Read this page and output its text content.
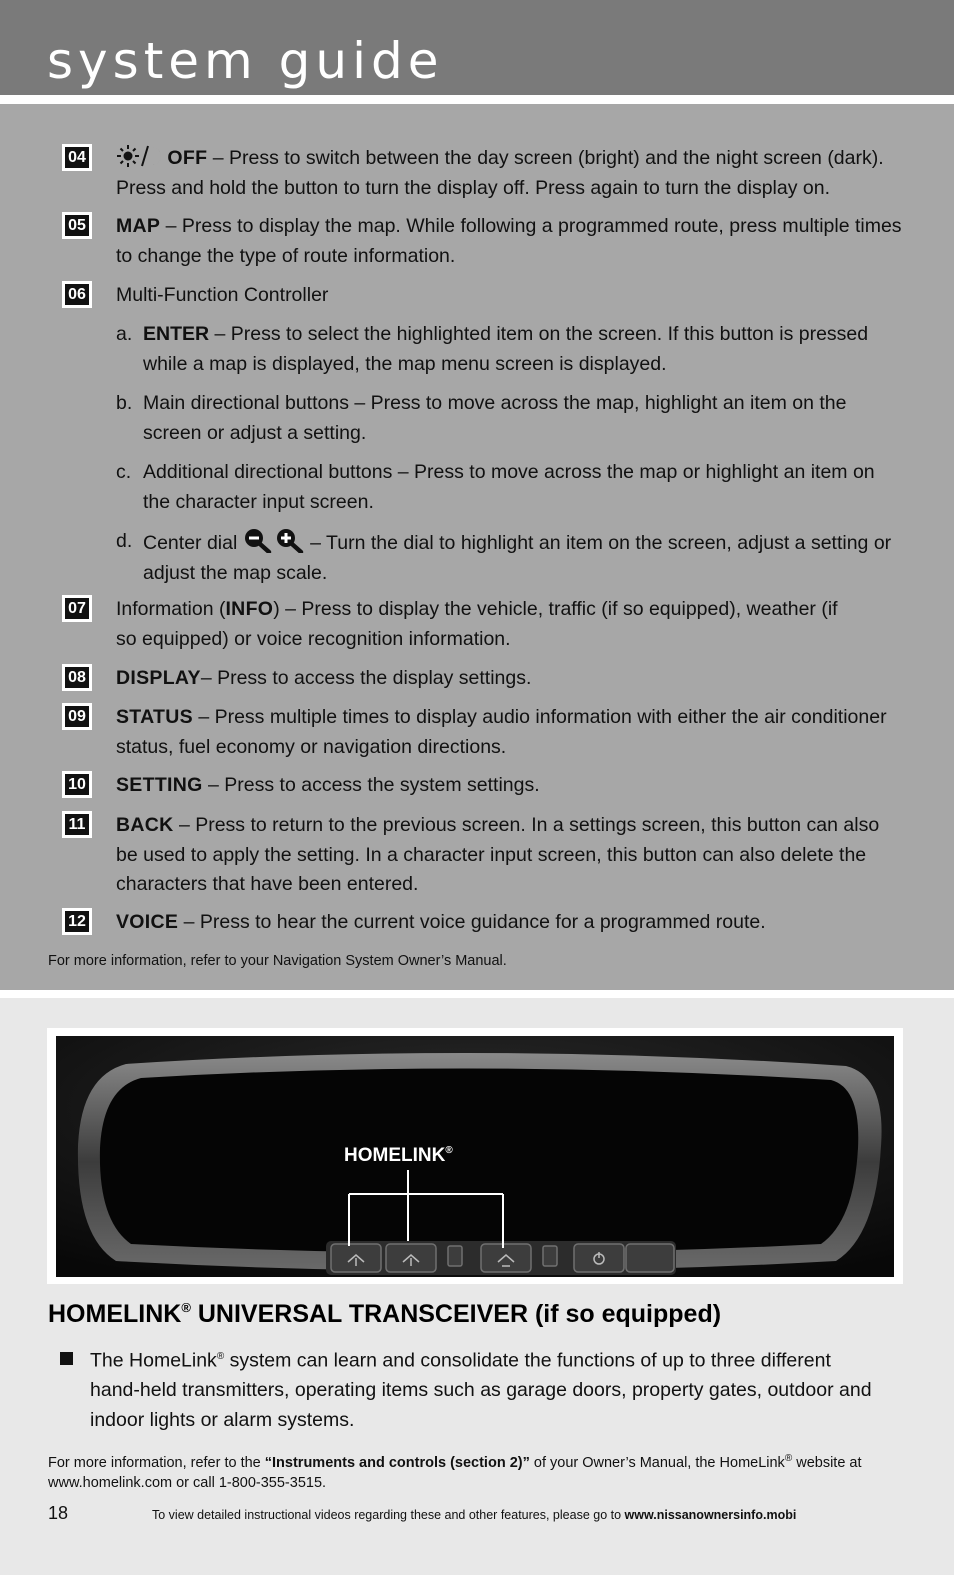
system guide
04	OFF – Press to switch between the day screen (bright) and the night screen (dark). Press and hold the button to turn the display off. Press again to turn the display on.
05 MAP – Press to display the map. While following a programmed route, press multiple times to change the type of route information.
06 Multi-Function Controller
a. ENTER – Press to select the highlighted item on the screen. If this button is pressed while a map is displayed, the map menu screen is displayed.
b. Main directional buttons – Press to move across the map, highlight an item on the screen or adjust a setting.
c. Additional directional buttons – Press to move across the map or highlight an item on the character input screen.
d. Center dial	– Turn the dial to highlight an item on the screen, adjust a setting or adjust the map scale.
07 Information (INFO) – Press to display the vehicle, traffic (if so equipped), weather (if so equipped) or voice recognition information.
08 DISPLAY– Press to access the display settings.
09 STATUS – Press multiple times to display audio information with either the air conditioner status, fuel economy or navigation directions.
10 SETTING – Press to access the system settings.
11 BACK – Press to return to the previous screen. In a settings screen, this button can also be used to apply the setting. In a character input screen, this button can also delete the characters that have been entered.
12 VOICE – Press to hear the current voice guidance for a programmed route.
For more information, refer to your Navigation System Owner’s Manual.
HOMELINK®
HOMELINK® UNIVERSAL TRANSCEIVER (if so equipped)
The HomeLink® system can learn and consolidate the functions of up to three different hand-held transmitters, operating items such as garage doors, property gates, outdoor and indoor lights or alarm systems.
For more information, refer to the “Instruments and controls (section 2)” of your Owner’s Manual, the HomeLink® website at www.homelink.com or call 1-800-355-3515.
18	To view detailed instructional videos regarding these and other features, please go to www.nissanownersinfo.mobi
